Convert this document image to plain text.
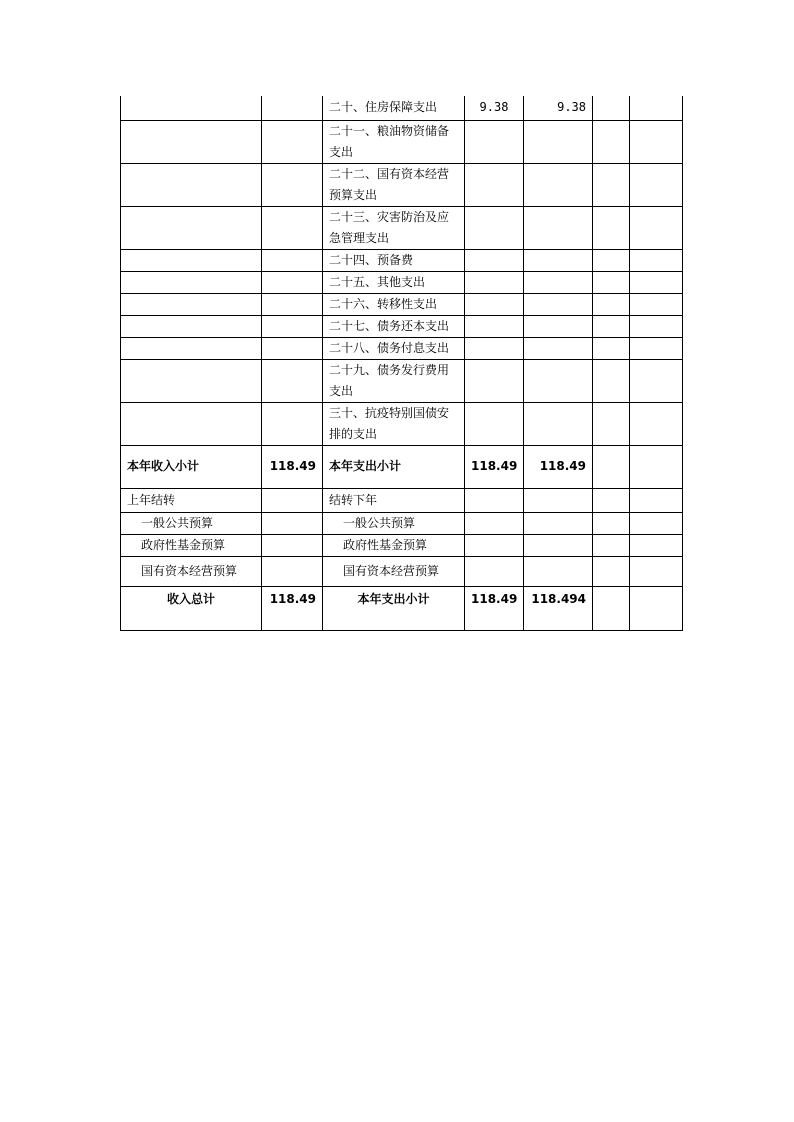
		二十、住房保障支出	9.38	9.38		
		二十一、粮油物资储备支出				
		二十二、国有资本经营预算支出				
		二十三、灾害防治及应急管理支出				
		二十四、预备费				
		二十五、其他支出				
		二十六、转移性支出				
		二十七、债务还本支出				
		二十八、债务付息支出				
		二十九、债务发行费用支出				
		三十、抗疫特别国债安排的支出				
本年收入小计	118.49	本年支出小计	118.49	118.49		
上年结转		结转下年				
一般公共预算		一般公共预算				
政府性基金预算		政府性基金预算				
国有资本经营预算		国有资本经营预算				
收入总计	118.49	本年支出小计	118.49	118.494		
